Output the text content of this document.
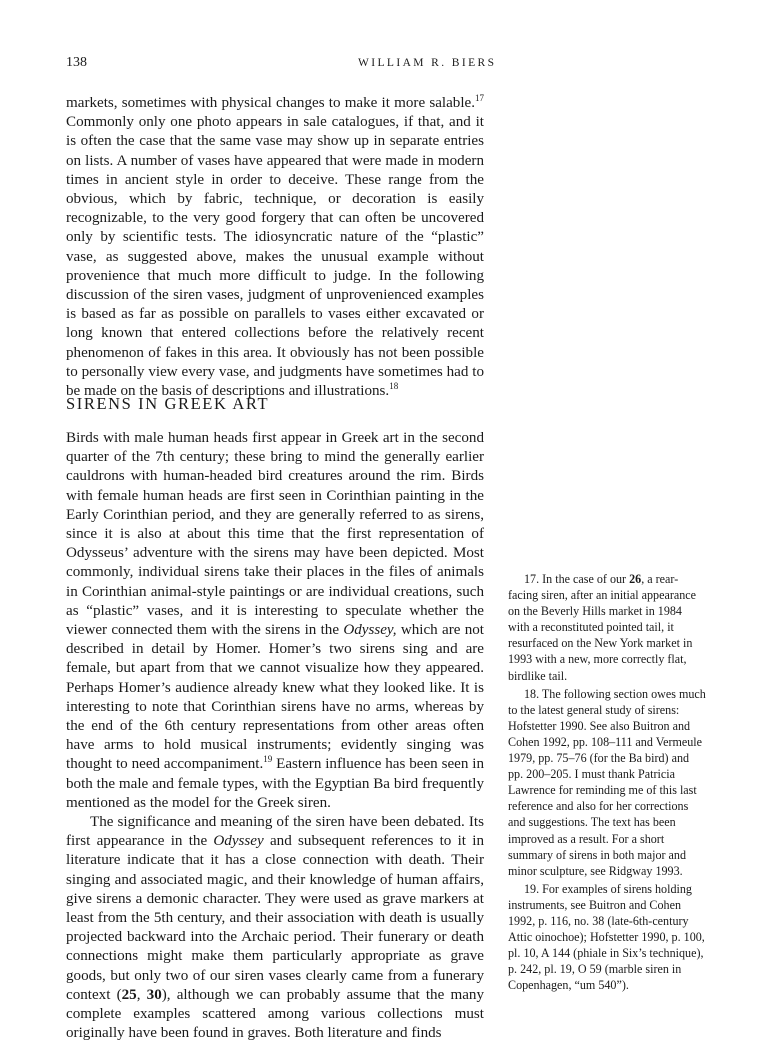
138	WILLIAM R. BIERS

markets, sometimes with physical changes to make it more salable.$^{17}$ Commonly only one photo appears in sale catalogues, if that, and it is often the case that the same vase may show up in separate entries on lists. A number of vases have appeared that were made in modern times in ancient style in order to deceive. These range from the obvious, which by fabric, technique, or decoration is easily recognizable, to the very good forgery that can often be uncovered only by scientific tests. The idiosyncratic nature of the “plastic” vase, as suggested above, makes the unusual example without provenience that much more difficult to judge. In the following discussion of the siren vases, judgment of unprovenienced examples is based as far as possible on parallels to vases either excavated or long known that entered collections before the relatively recent phenomenon of fakes in this area. It obviously has not been possible to personally view every vase, and judgments have sometimes had to be made on the basis of descriptions and illustrations.$^{18}$

SIRENS IN GREEK ART

Birds with male human heads first appear in Greek art in the second quarter of the 7th century; these bring to mind the generally earlier cauldrons with human-headed bird creatures around the rim. Birds with female human heads are first seen in Corinthian painting in the Early Corinthian period, and they are generally referred to as sirens, since it is also at about this time that the first representation of Odysseus’ adventure with the sirens may have been depicted. Most commonly, individual sirens take their places in the files of animals in Corinthian animal-style paintings or are individual creations, such as “plastic” vases, and it is interesting to speculate whether the viewer connected them with the sirens in the Odyssey, which are not described in detail by Homer. Homer’s two sirens sing and are female, but apart from that we cannot visualize how they appeared. Perhaps Homer’s audience already knew what they looked like. It is interesting to note that Corinthian sirens have no arms, whereas by the end of the 6th century representations from other areas often have arms to hold musical instruments; evidently singing was thought to need accompaniment.$^{19}$ Eastern influence has been seen in both the male and female types, with the Egyptian Ba bird frequently mentioned as the model for the Greek siren.

The significance and meaning of the siren have been debated. Its first appearance in the Odyssey and subsequent references to it in literature indicate that it has a close connection with death. Their singing and associated magic, and their knowledge of human affairs, give sirens a demonic character. They were used as grave markers at least from the 5th century, and their association with death is usually projected backward into the Archaic period. Their funerary or death connections might make them particularly appropriate as grave goods, but only two of our siren vases clearly came from a funerary context (25, 30), although we can probably assume that the many complete examples scattered among various collections must originally have been found in graves. Both literature and finds

17. In the case of our 26, a rear-facing siren, after an initial appearance on the Beverly Hills market in 1984 with a reconstituted pointed tail, it resurfaced on the New York market in 1993 with a new, more correctly flat, birdlike tail.

18. The following section owes much to the latest general study of sirens: Hofstetter 1990. See also Buitron and Cohen 1992, pp. 108–111 and Vermeule 1979, pp. 75–76 (for the Ba bird) and pp. 200–205. I must thank Patricia Lawrence for reminding me of this last reference and also for her corrections and suggestions. The text has been improved as a result. For a short summary of sirens in both major and minor sculpture, see Ridgway 1993.

19. For examples of sirens holding instruments, see Buitron and Cohen 1992, p. 116, no. 38 (late-6th-century Attic oinochoe); Hofstetter 1990, p. 100, pl. 10, A 144 (phiale in Six’s technique), p. 242, pl. 19, O 59 (marble siren in Copenhagen, “um 540”).
